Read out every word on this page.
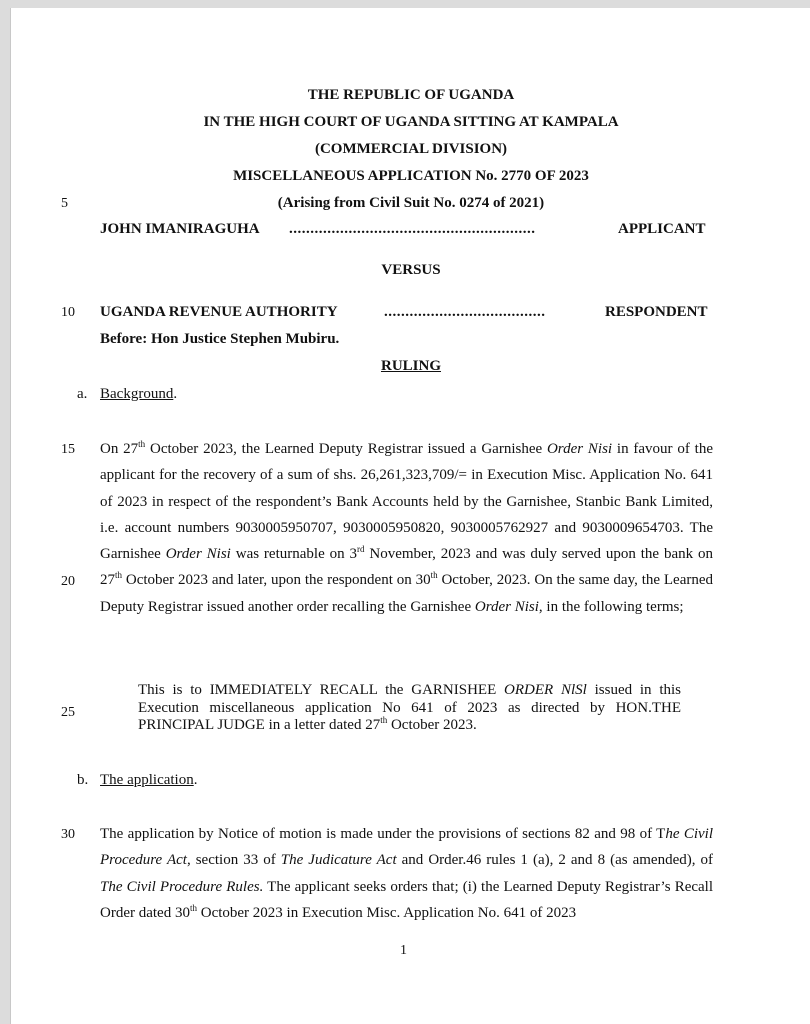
THE REPUBLIC OF UGANDA
IN THE HIGH COURT OF UGANDA SITTING AT KAMPALA
(COMMERCIAL DIVISION)
MISCELLANEOUS APPLICATION No. 2770 OF 2023
(Arising from Civil Suit No. 0274 of 2021)
5
JOHN IMANIRAGUHA ..........................................................	APPLICANT
VERSUS
10 UGANDA REVENUE AUTHORITY	......................................	RESPONDENT
Before: Hon Justice Stephen Mubiru.
RULING
a. Background.
15
20
On 27th October 2023, the Learned Deputy Registrar issued a Garnishee Order Nisi in favour of the applicant for the recovery of a sum of shs. 26,261,323,709/= in Execution Misc. Application No. 641 of 2023 in respect of the respondent’s Bank Accounts held by the Garnishee, Stanbic Bank Limited, i.e. account numbers 9030005950707, 9030005950820, 9030005762927 and 9030009654703. The Garnishee Order Nisi was returnable on 3rd November, 2023 and was duly served upon the bank on 27th October 2023 and later, upon the respondent on 30th October, 2023. On the same day, the Learned Deputy Registrar issued another order recalling the Garnishee Order Nisi, in the following terms;
25
This is to IMMEDIATELY RECALL the GARNISHEE ORDER NlSl issued in this Execution miscellaneous application No 641 of 2023 as directed by HON.THE PRINCIPAL JUDGE in a letter dated 27th October 2023.
b. The application.
30 The application by Notice of motion is made under the provisions of sections 82 and 98 of The Civil Procedure Act, section 33 of The Judicature Act and Order.46 rules 1 (a), 2 and 8 (as amended), of The Civil Procedure Rules. The applicant seeks orders that; (i) the Learned Deputy Registrar’s Recall Order dated 30th October 2023 in Execution Misc. Application No. 641 of 2023
1
